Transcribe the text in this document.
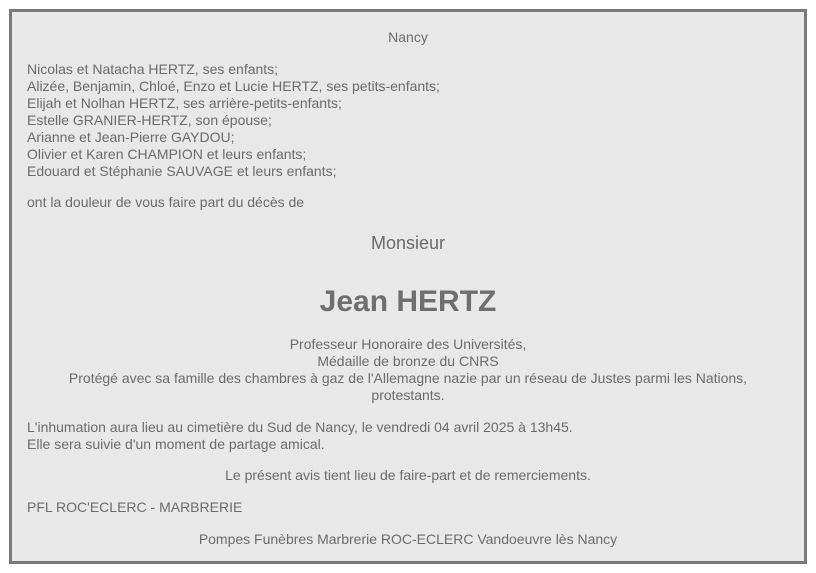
Nancy
Nicolas et Natacha HERTZ, ses enfants;
Alizée, Benjamin, Chloé, Enzo et Lucie HERTZ, ses petits-enfants;
Elijah et Nolhan HERTZ, ses arrière-petits-enfants;
Estelle GRANIER-HERTZ, son épouse;
Arianne et Jean-Pierre GAYDOU;
Olivier et Karen CHAMPION et leurs enfants;
Edouard et Stéphanie SAUVAGE et leurs enfants;
ont la douleur de vous faire part du décès de
Monsieur
Jean HERTZ
Professeur Honoraire des Universités,
Médaille de bronze du CNRS
Protégé avec sa famille des chambres à gaz de l'Allemagne nazie par un réseau de Justes parmi les Nations,
protestants.
L'inhumation aura lieu au cimetière du Sud de Nancy, le vendredi 04 avril 2025 à 13h45.
Elle sera suivie d'un moment de partage amical.
Le présent avis tient lieu de faire-part et de remerciements.
PFL ROC'ECLERC - MARBRERIE
Pompes Funèbres Marbrerie ROC-ECLERC Vandoeuvre lès Nancy
